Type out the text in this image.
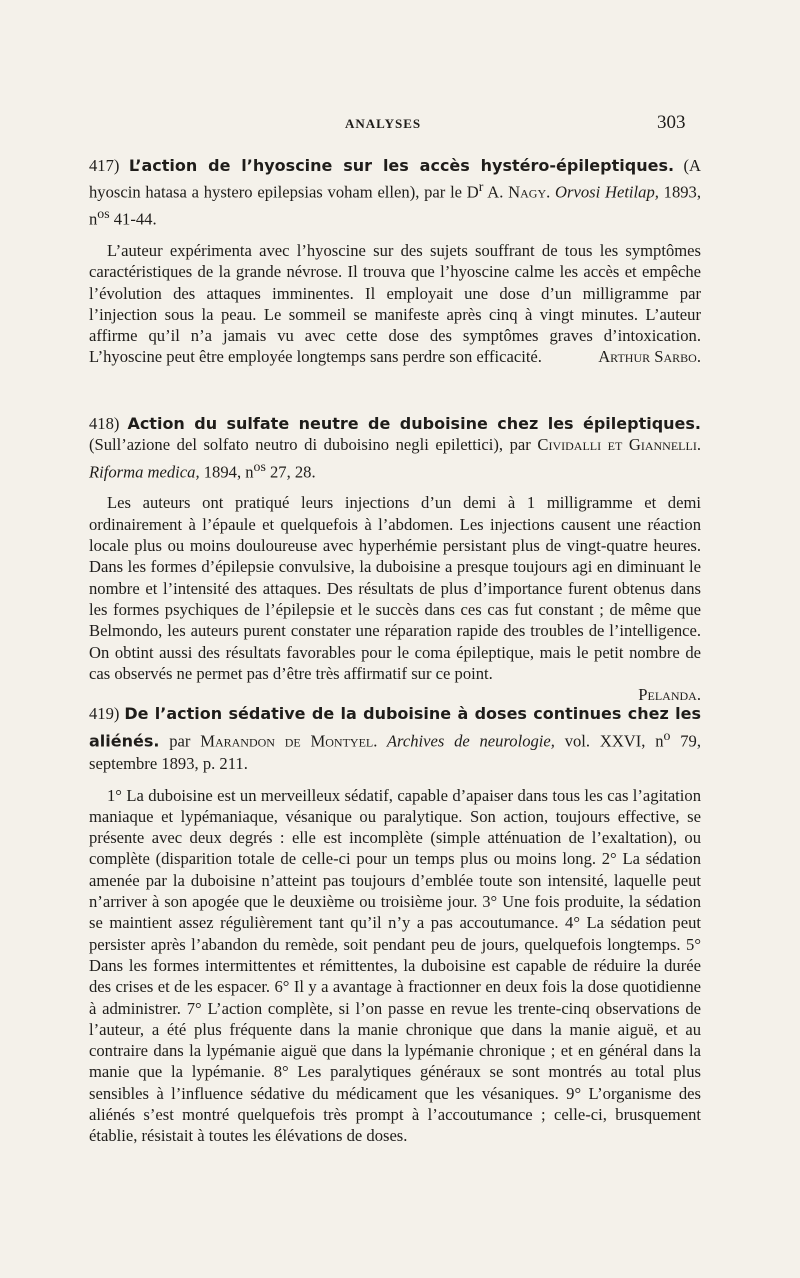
ANALYSES	303

417) L’action de l’hyoscine sur les accès hystéro-épileptiques. (A hyoscin hatasa a hystero epilepsias voham ellen), par le $D^r$ A. Nagy. Orvosi Hetilap, 1893, $n^{os}$ 41-44.

L’auteur expérimenta avec l’hyoscine sur des sujets souffrant de tous les symptômes caractéristiques de la grande névrose. Il trouva que l’hyoscine calme les accès et empêche l’évolution des attaques imminentes. Il employait une dose d’un milligramme par l’injection sous la peau. Le sommeil se manifeste après cinq à vingt minutes. L’auteur affirme qu’il n’a jamais vu avec cette dose des symptômes graves d’intoxication. L’hyoscine peut être employée longtemps sans perdre son efficacité.	Arthur Sarbo.

418) Action du sulfate neutre de duboisine chez les épileptiques. (Sull’azione del solfato neutro di duboisino negli epilettici), par Cividalli et Giannelli. Riforma medica, 1894, $n^{os}$ 27, 28.

Les auteurs ont pratiqué leurs injections d’un demi à 1 milligramme et demi ordinairement à l’épaule et quelquefois à l’abdomen. Les injections causent une réaction locale plus ou moins douloureuse avec hyperhémie persistant plus de vingt-quatre heures. Dans les formes d’épilepsie convulsive, la duboisine a presque toujours agi en diminuant le nombre et l’intensité des attaques. Des résultats de plus d’importance furent obtenus dans les formes psychiques de l’épilepsie et le succès dans ces cas fut constant ; de même que Belmondo, les auteurs purent constater une réparation rapide des troubles de l’intelligence. On obtint aussi des résultats favorables pour le coma épileptique, mais le petit nombre de cas observés ne permet pas d’être très affirmatif sur ce point.

Pelanda.

419) De l’action sédative de la duboisine à doses continues chez les aliénés. par Marandon de Montyel. Archives de neurologie, vol. XXVI, $n^o$ 79, septembre 1893, p. 211.

1° La duboisine est un merveilleux sédatif, capable d’apaiser dans tous les cas l’agitation maniaque et lypémaniaque, vésanique ou paralytique. Son action, toujours effective, se présente avec deux degrés : elle est incomplète (simple atténuation de l’exaltation), ou complète (disparition totale de celle-ci pour un temps plus ou moins long. 2° La sédation amenée par la duboisine n’atteint pas toujours d’emblée toute son intensité, laquelle peut n’arriver à son apogée que le deuxième ou troisième jour. 3° Une fois produite, la sédation se maintient assez régulièrement tant qu’il n’y a pas accoutumance. 4° La sédation peut persister après l’abandon du remède, soit pendant peu de jours, quelquefois longtemps. 5° Dans les formes intermittentes et rémittentes, la duboisine est capable de réduire la durée des crises et de les espacer. 6° Il y a avantage à fractionner en deux fois la dose quotidienne à administrer. 7° L’action complète, si l’on passe en revue les trente-cinq observations de l’auteur, a été plus fréquente dans la manie chronique que dans la manie aiguë, et au contraire dans la lypémanie aiguë que dans la lypémanie chronique ; et en général dans la manie que la lypémanie. 8° Les paralytiques généraux se sont montrés au total plus sensibles à l’influence sédative du médicament que les vésaniques. 9° L’organisme des aliénés s’est montré quelquefois très prompt à l’accoutumance ; celle-ci, brusquement établie, résistait à toutes les élévations de doses.
